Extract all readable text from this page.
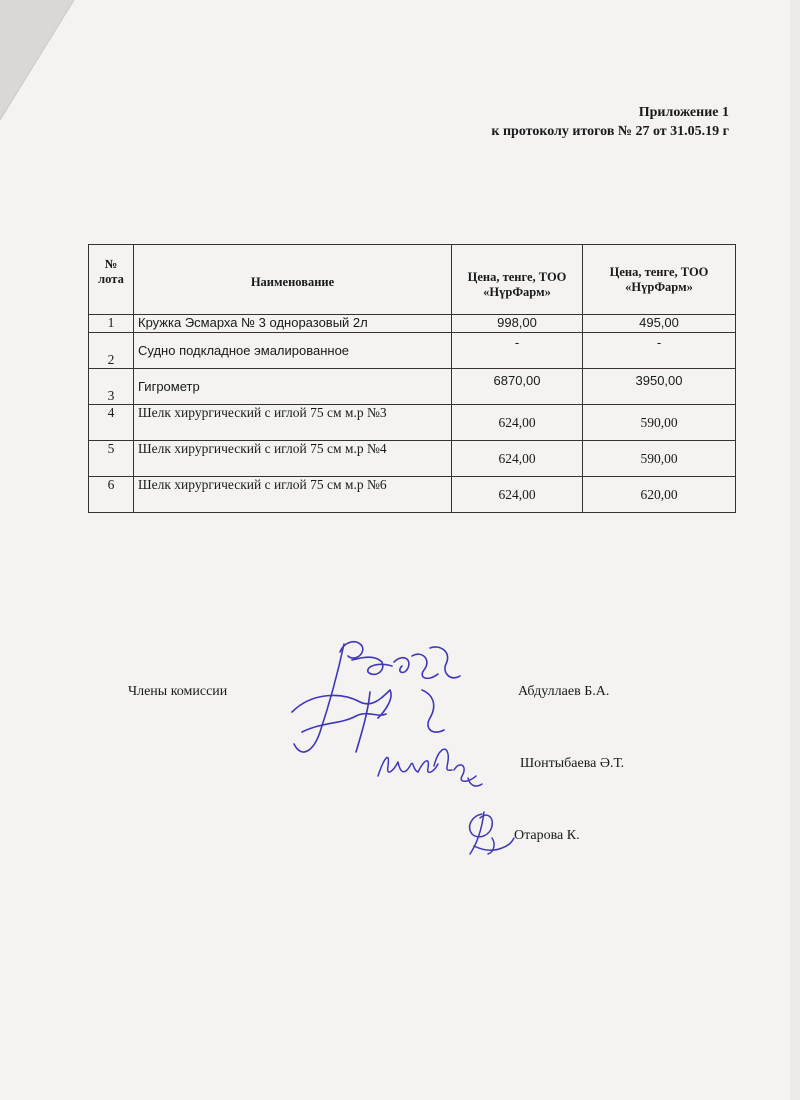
Приложение 1
к протоколу итогов № 27 от 31.05.19 г
№ лота	Наименование	Цена, тенге, ТОО «НүрФарм»	Цена, тенге, ТОО «НүрФарм»
1	Кружка Эсмарха № 3 одноразовый 2л	998,00	495,00
2	Судно подкладное эмалированное	-	-
3	Гигрометр	6870,00	3950,00
4	Шелк хирургический с иглой 75 см м.р №3	624,00	590,00
5	Шелк хирургический с иглой 75 см м.р №4	624,00	590,00
6	Шелк хирургический с иглой 75 см м.р №6	624,00	620,00
Члены комиссии	Абдуллаев Б.А.
Шонтыбаева Ә.Т.
Отарова К.
